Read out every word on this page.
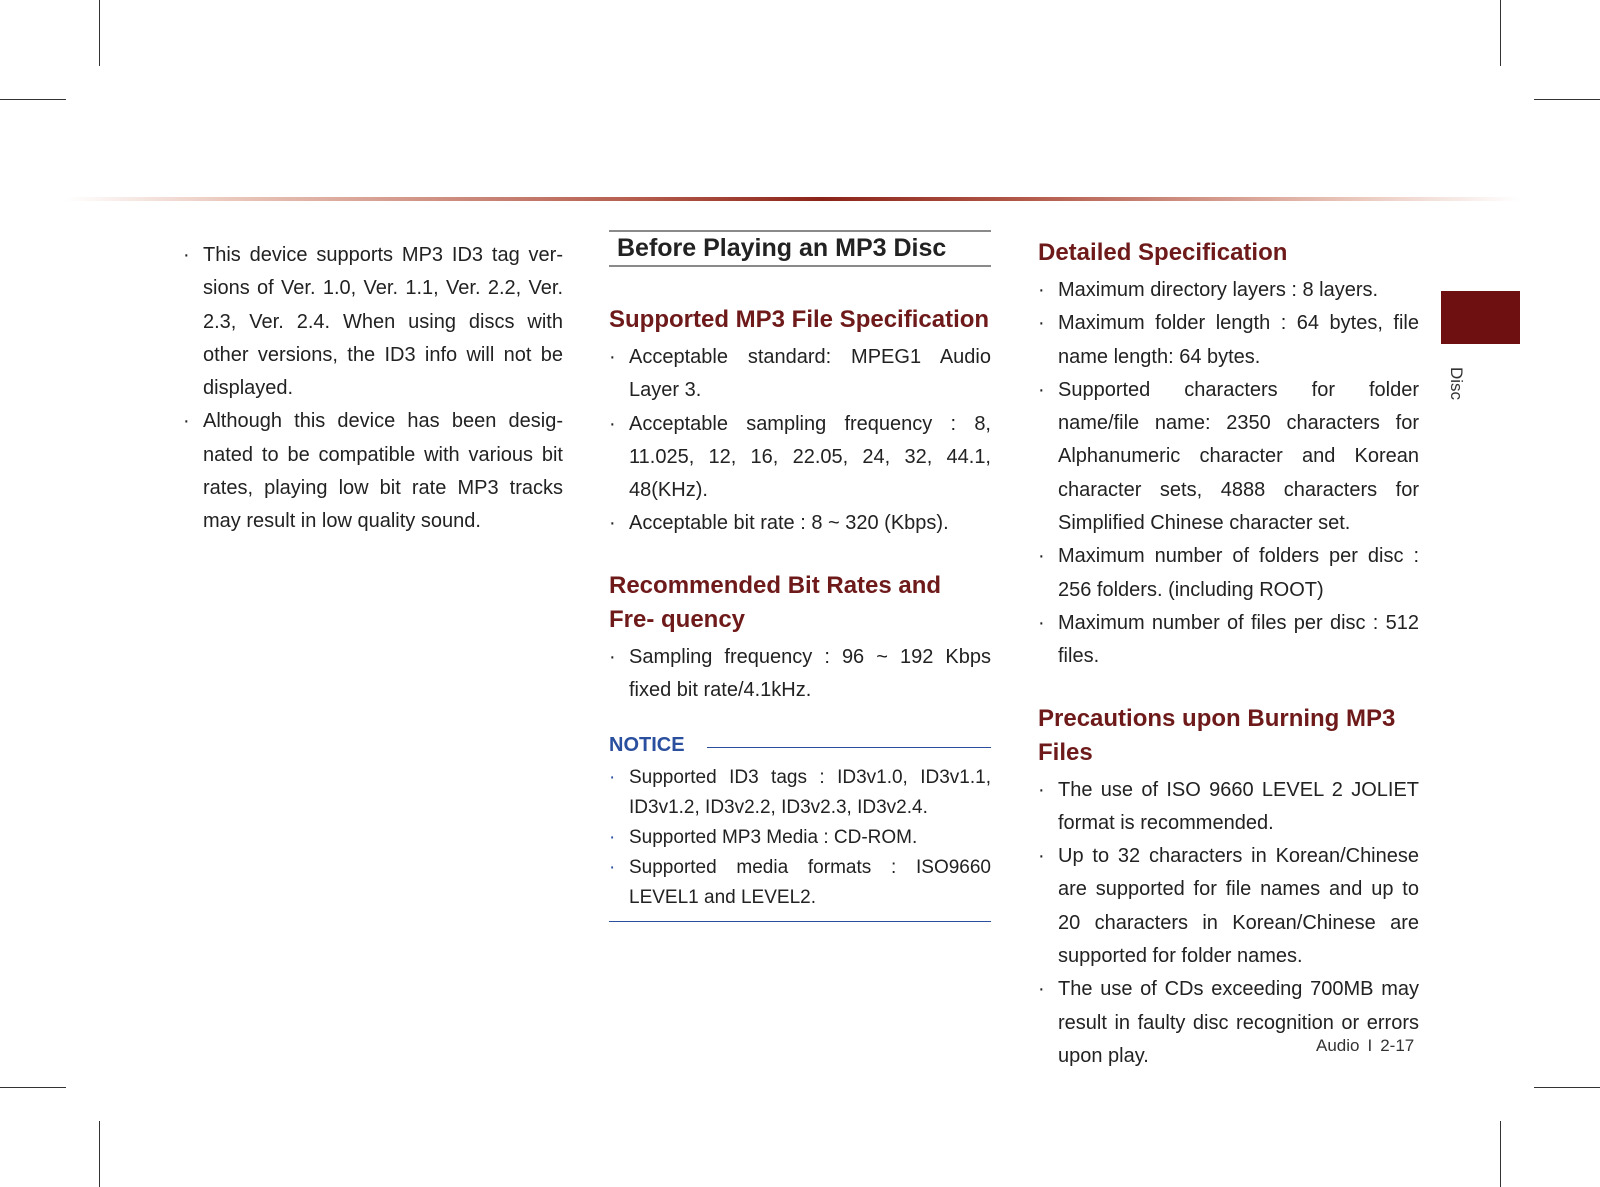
· This device supports MP3 ID3 tag ver- sions of Ver. 1.0, Ver. 1.1, Ver. 2.2, Ver. 2.3, Ver. 2.4. When using discs with other versions, the ID3 info will not be displayed.
· Although this device has been desig- nated to be compatible with various bit rates, playing low bit rate MP3 tracks may result in low quality sound.
Before Playing an MP3 Disc
Supported MP3 File Specification
· Acceptable standard: MPEG1 Audio Layer 3.
· Acceptable sampling frequency : 8, 11.025, 12, 16, 22.05, 24, 32, 44.1, 48(KHz).
· Acceptable bit rate : 8 ~ 320 (Kbps).
Recommended Bit Rates and Fre- quency
· Sampling frequency : 96 ~ 192 Kbps fixed bit rate/4.1kHz.
NOTICE
· Supported ID3 tags : ID3v1.0, ID3v1.1, ID3v1.2, ID3v2.2, ID3v2.3, ID3v2.4.
· Supported MP3 Media : CD-ROM.
· Supported media formats : ISO9660 LEVEL1 and LEVEL2.
Detailed Specification
· Maximum directory layers : 8 layers.
· Maximum folder length : 64 bytes, file name length: 64 bytes.
· Supported characters for folder name/file name: 2350 characters for Alphanumeric character and Korean character sets, 4888 characters for Simplified Chinese character set.
· Maximum number of folders per disc : 256 folders. (including ROOT)
· Maximum number of files per disc : 512 files.
Precautions upon Burning MP3 Files
· The use of ISO 9660 LEVEL 2 JOLIET format is recommended.
· Up to 32 characters in Korean/Chinese are supported for file names and up to 20 characters in Korean/Chinese are supported for folder names.
· The use of CDs exceeding 700MB may result in faulty disc recognition or errors upon play.
Disc
Audio I 2-17
